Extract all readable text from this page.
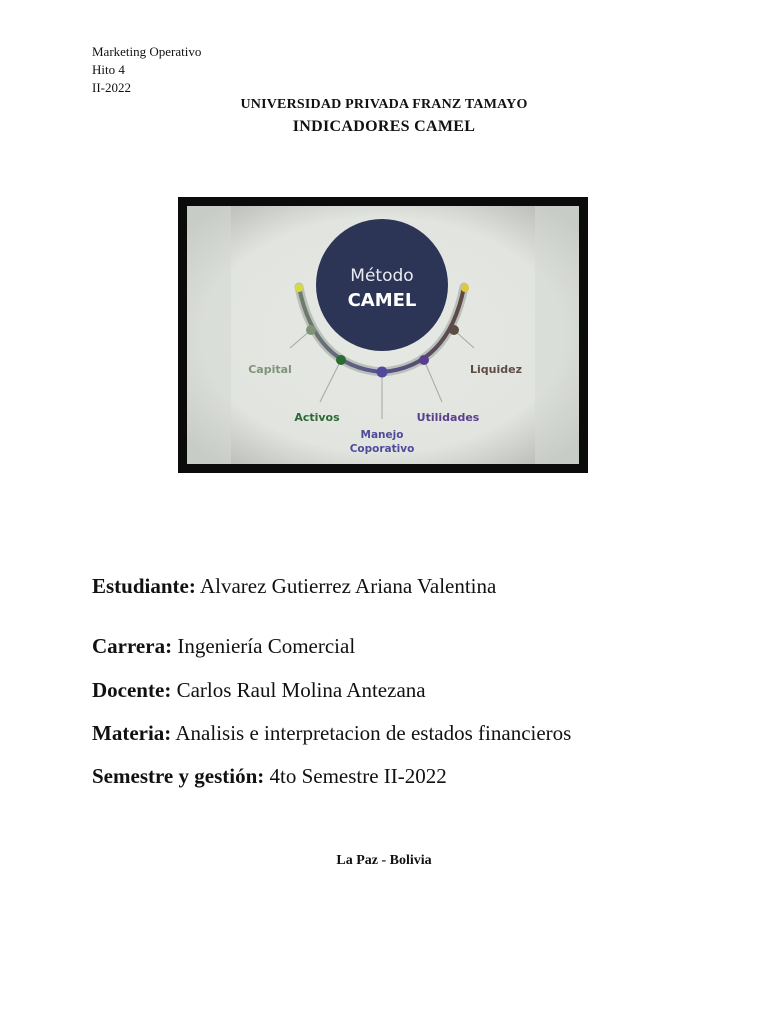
Marketing Operativo
Hito 4
II-2022
UNIVERSIDAD PRIVADA FRANZ TAMAYO
INDICADORES CAMEL
Método
CAMEL
Capital
Activos
Manejo
Coporativo
Utilidades
Liquidez
Estudiante: Alvarez Gutierrez Ariana Valentina
Carrera: Ingeniería Comercial
Docente: Carlos Raul Molina Antezana
Materia: Analisis e interpretacion de estados financieros
Semestre y gestión: 4to Semestre II-2022
La Paz - Bolivia
